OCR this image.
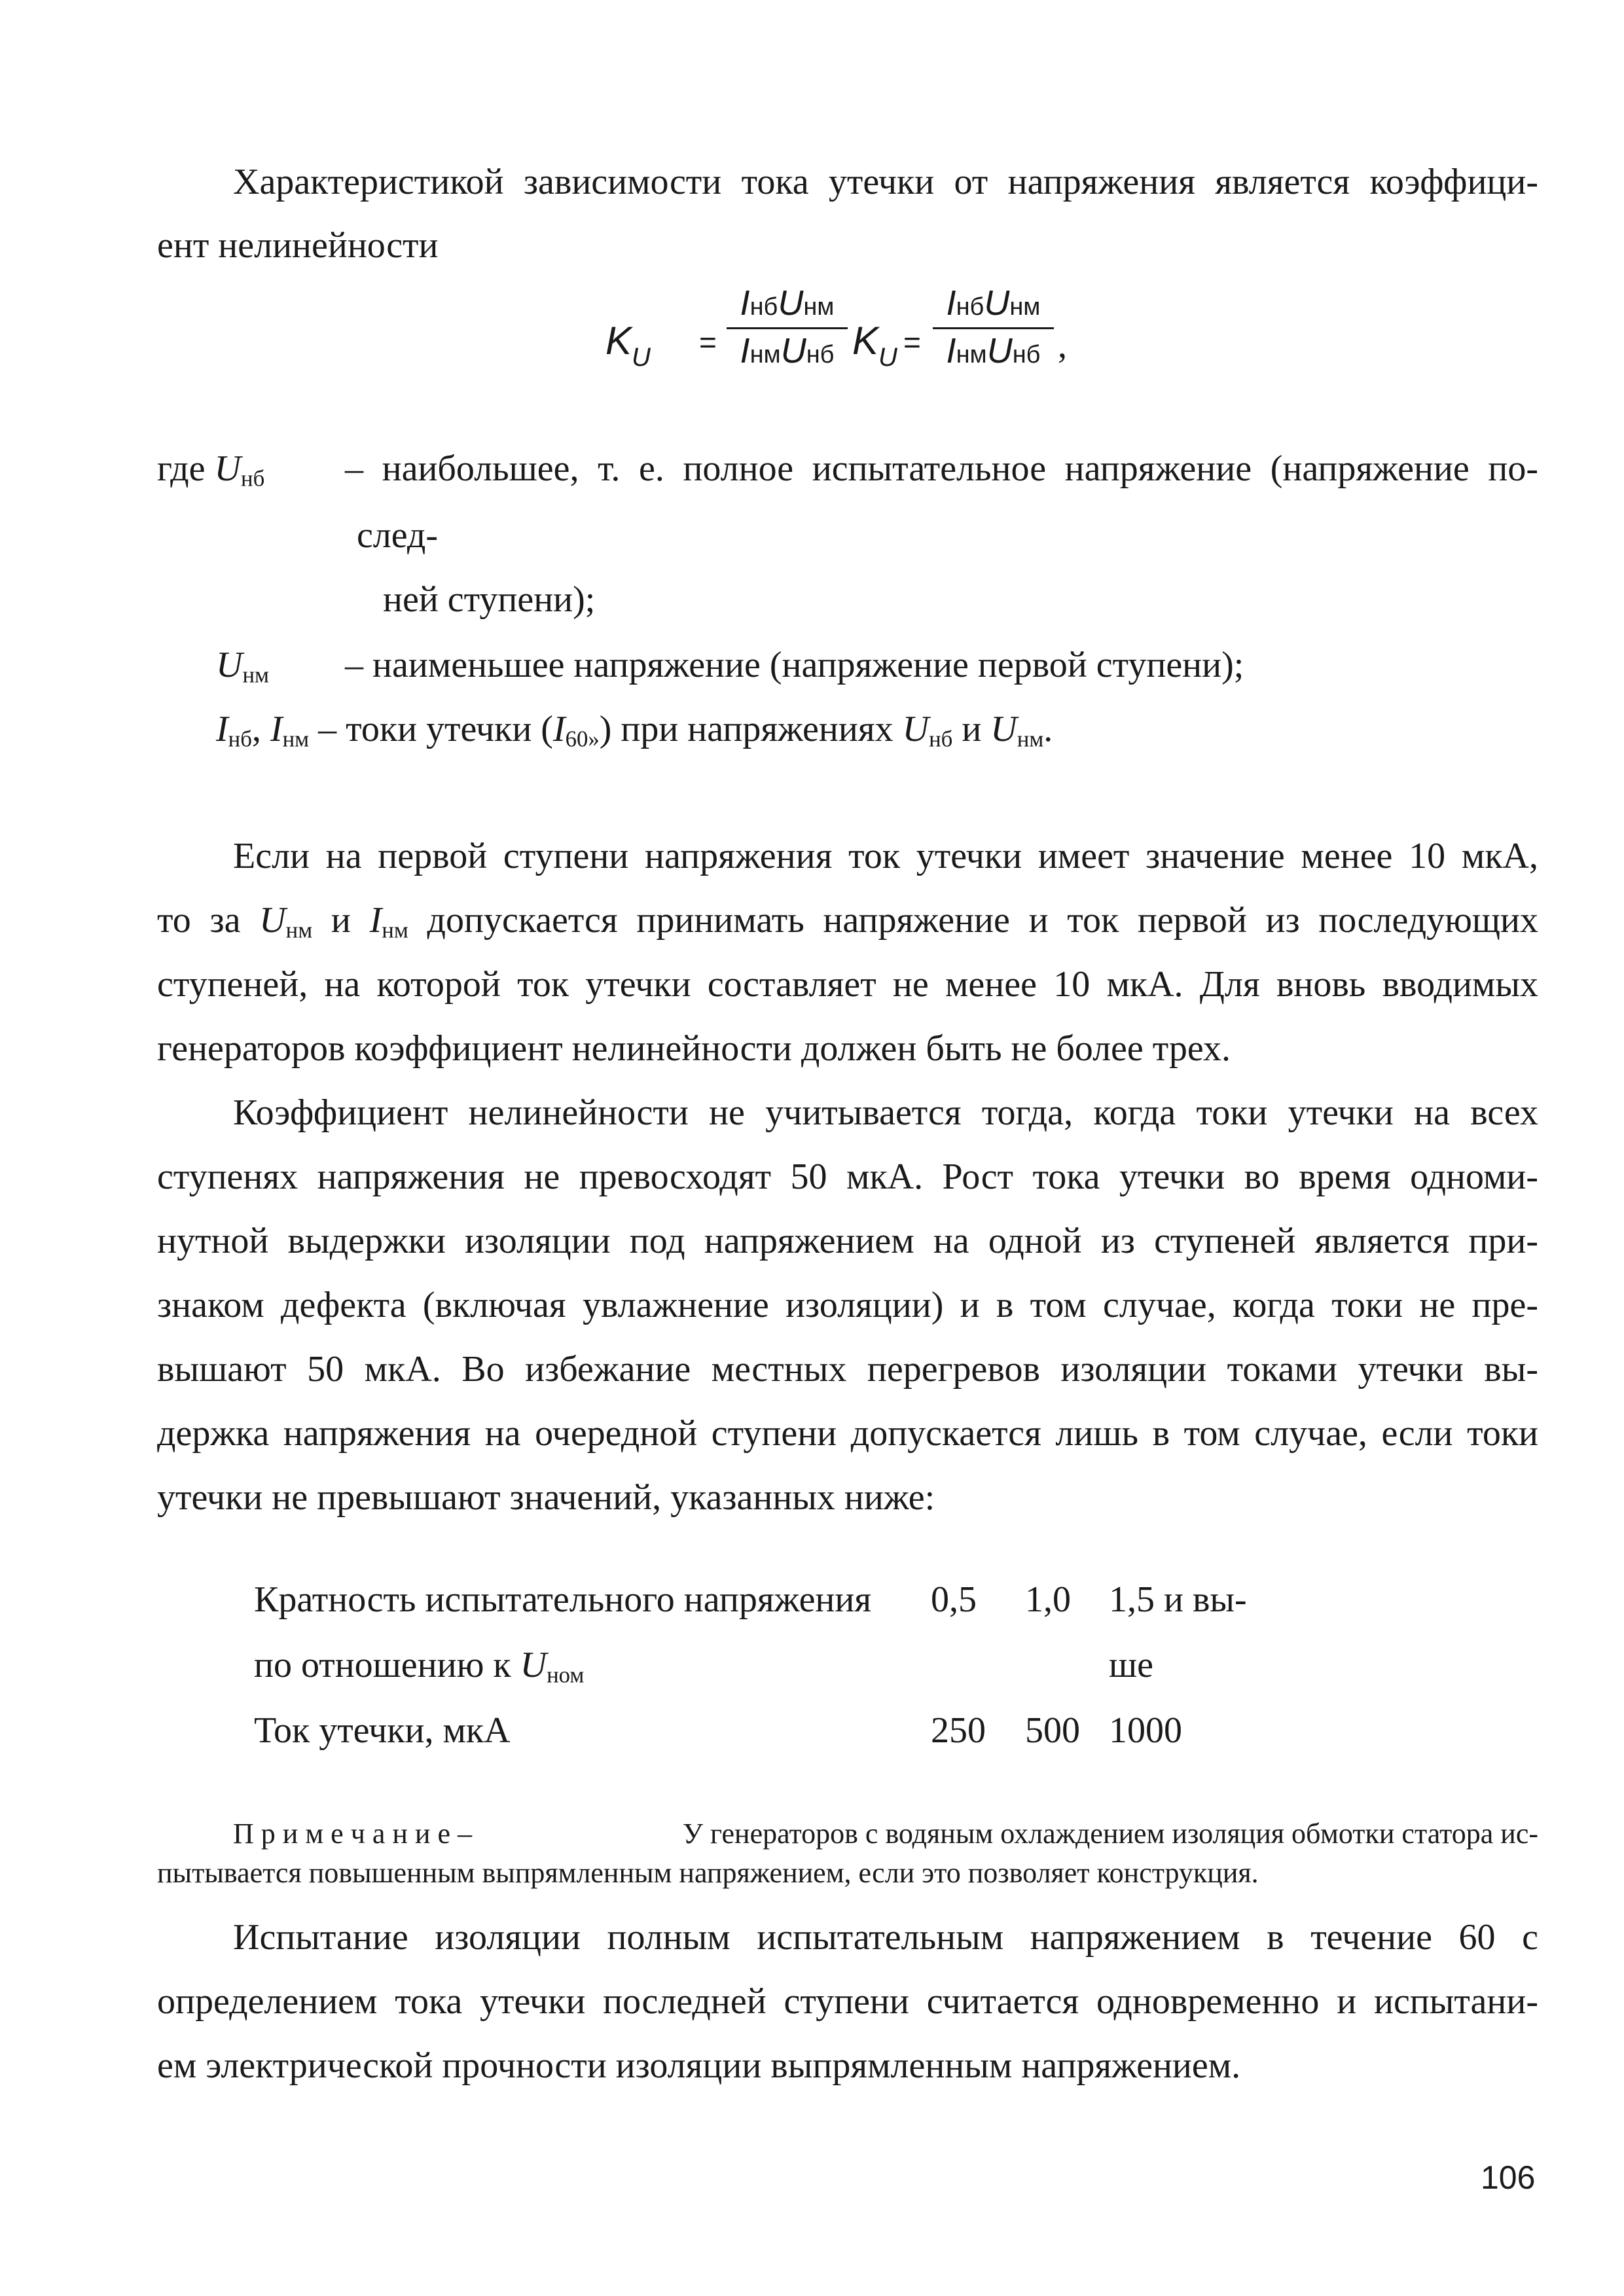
Характеристикой зависимости тока утечки от напряжения является коэффици-
ент нелинейности
$K_U$ =
IнбUнм
IнмUнб $K_U$ =
IнбUнм
IнмUнб ,
где $U_{нб}$ – наибольшее, т. е. полное испытательное напряжение (напряжение по-
след-
ней ступени);
$U_{нм}$ – наименьшее напряжение (напряжение первой ступени);
$I_{нб}$, $I_{нм}$ – токи утечки $(I_{60»})$ при напряжениях $U_{нб}$ и $U_{нм}$.
Если на первой ступени напряжения ток утечки имеет значение менее 10 мкА,
то за $U_{нм}$ и $I_{нм}$ допускается принимать напряжение и ток первой из последующих
ступеней, на которой ток утечки составляет не менее 10 мкА. Для вновь вводимых
генераторов коэффициент нелинейности должен быть не более трех.
Коэффициент нелинейности не учитывается тогда, когда токи утечки на всех
ступенях напряжения не превосходят 50 мкА. Рост тока утечки во время одноми-
нутной выдержки изоляции под напряжением на одной из ступеней является при-
знаком дефекта (включая увлажнение изоляции) и в том случае, когда токи не пре-
вышают 50 мкА. Во избежание местных перегревов изоляции токами утечки вы-
держка напряжения на очередной ступени допускается лишь в том случае, если токи
утечки не превышают значений, указанных ниже:
Кратность испытательного напряжения
по отношению к $U_{ном}$
0,5 1,0 1,5 и вы-
ше
Ток утечки, мкА	250 500 1000
П р и м е ч а н и е –	У генераторов с водяным охлаждением изоляция обмотки статора ис-
пытывается повышенным выпрямленным напряжением, если это позволяет конструкция.
Испытание изоляции полным испытательным напряжением в течение 60 с
определением тока утечки последней ступени считается одновременно и испытани-
ем электрической прочности изоляции выпрямленным напряжением.
106
